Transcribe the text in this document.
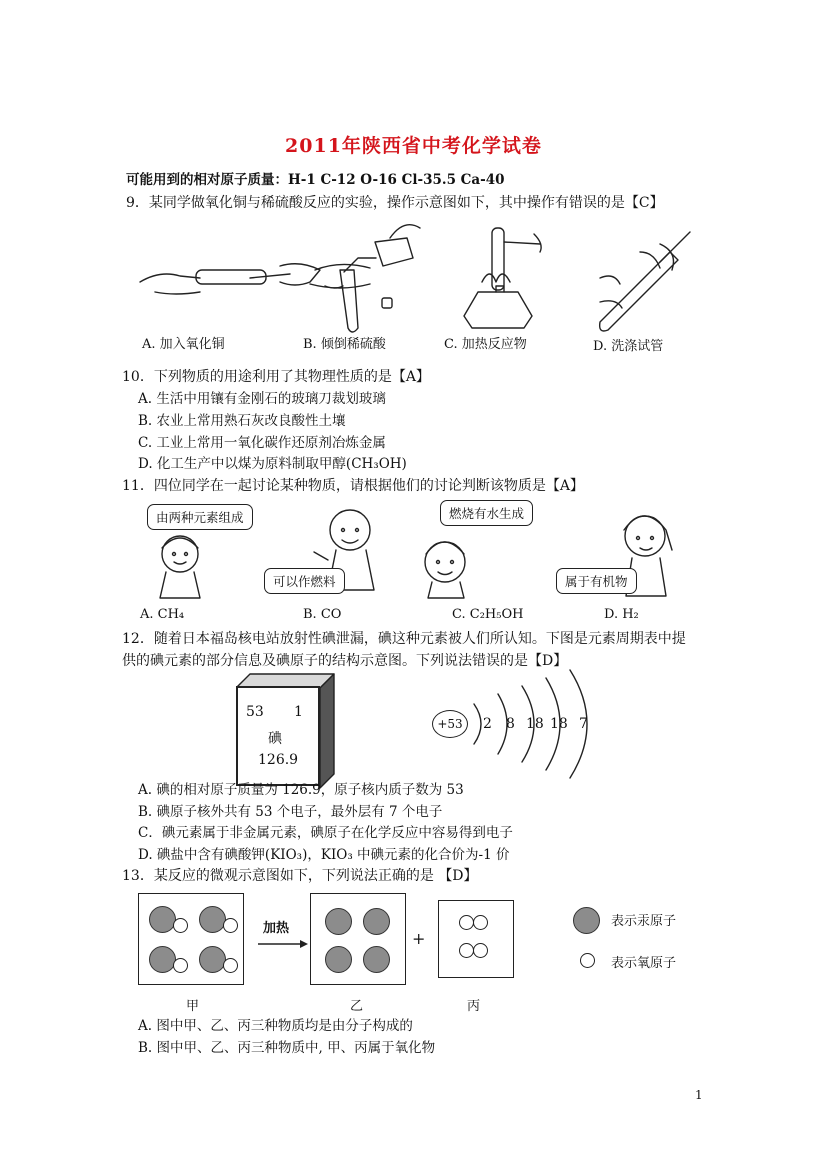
2011年陕西省中考化学试卷
可能用到的相对原子质量：H-1 C-12 O-16 Cl-35.5 Ca-40
9．某同学做氧化铜与稀硫酸反应的实验，操作示意图如下，其中操作有错误的是【C】
A. 加入氧化铜	B. 倾倒稀硫酸	C. 加热反应物	D. 洗涤试管
10．下列物质的用途利用了其物理性质的是【A】
A. 生活中用镶有金刚石的玻璃刀裁划玻璃
B. 农业上常用熟石灰改良酸性土壤
C. 工业上常用一氧化碳作还原剂冶炼金属
D. 化工生产中以煤为原料制取甲醇(CH₃OH)
11．四位同学在一起讨论某种物质，请根据他们的讨论判断该物质是【A】
由两种元素组成
可以作燃料
燃烧有水生成
属于有机物
A. CH₄	B. CO	C. C₂H₅OH	D. H₂
12．随着日本福岛核电站放射性碘泄漏，碘这种元素被人们所认知。下图是元素周期表中提
供的碘元素的部分信息及碘原子的结构示意图。下列说法错误的是【D】
53 1
碘
126.9
+53	2 8 18 18 7
A. 碘的相对原子质量为 126.9，原子核内质子数为 53
B. 碘原子核外共有 53 个电子，最外层有 7 个电子
C．碘元素属于非金属元素，碘原子在化学反应中容易得到电子
D. 碘盐中含有碘酸钾(KIO₃)，KIO₃ 中碘元素的化合价为-1 价
13．某反应的微观示意图如下，下列说法正确的是 【D】
加热
+
甲	乙	丙
表示汞原子
表示氧原子
A. 图中甲、乙、丙三种物质均是由分子构成的
B. 图中甲、乙、丙三种物质中, 甲、丙属于氧化物
1
